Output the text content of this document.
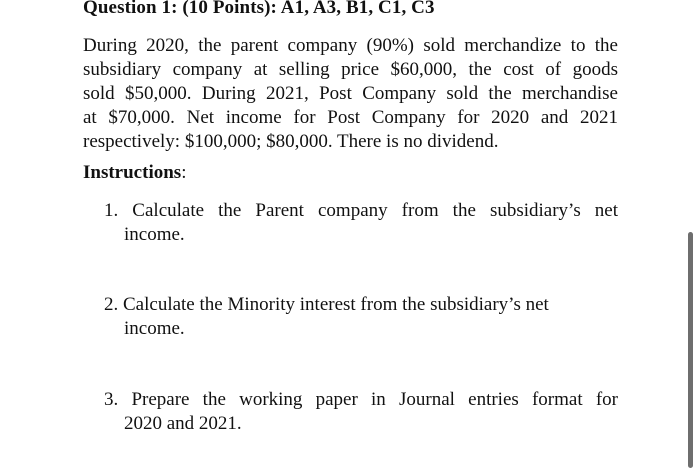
Question 1: (10 Points): A1, A3, B1, C1, C3
During 2020, the parent company (90%) sold merchandize to the
subsidiary company at selling price $60,000, the cost of goods
sold $50,000. During 2021, Post Company sold the merchandise
at $70,000. Net income for Post Company for 2020 and 2021
respectively: $100,000; $80,000. There is no dividend.
Instructions:
1. Calculate the Parent company from the subsidiary’s net
income.
2. Calculate the Minority interest from the subsidiary’s net
income.
3. Prepare the working paper in Journal entries format for
2020 and 2021.
